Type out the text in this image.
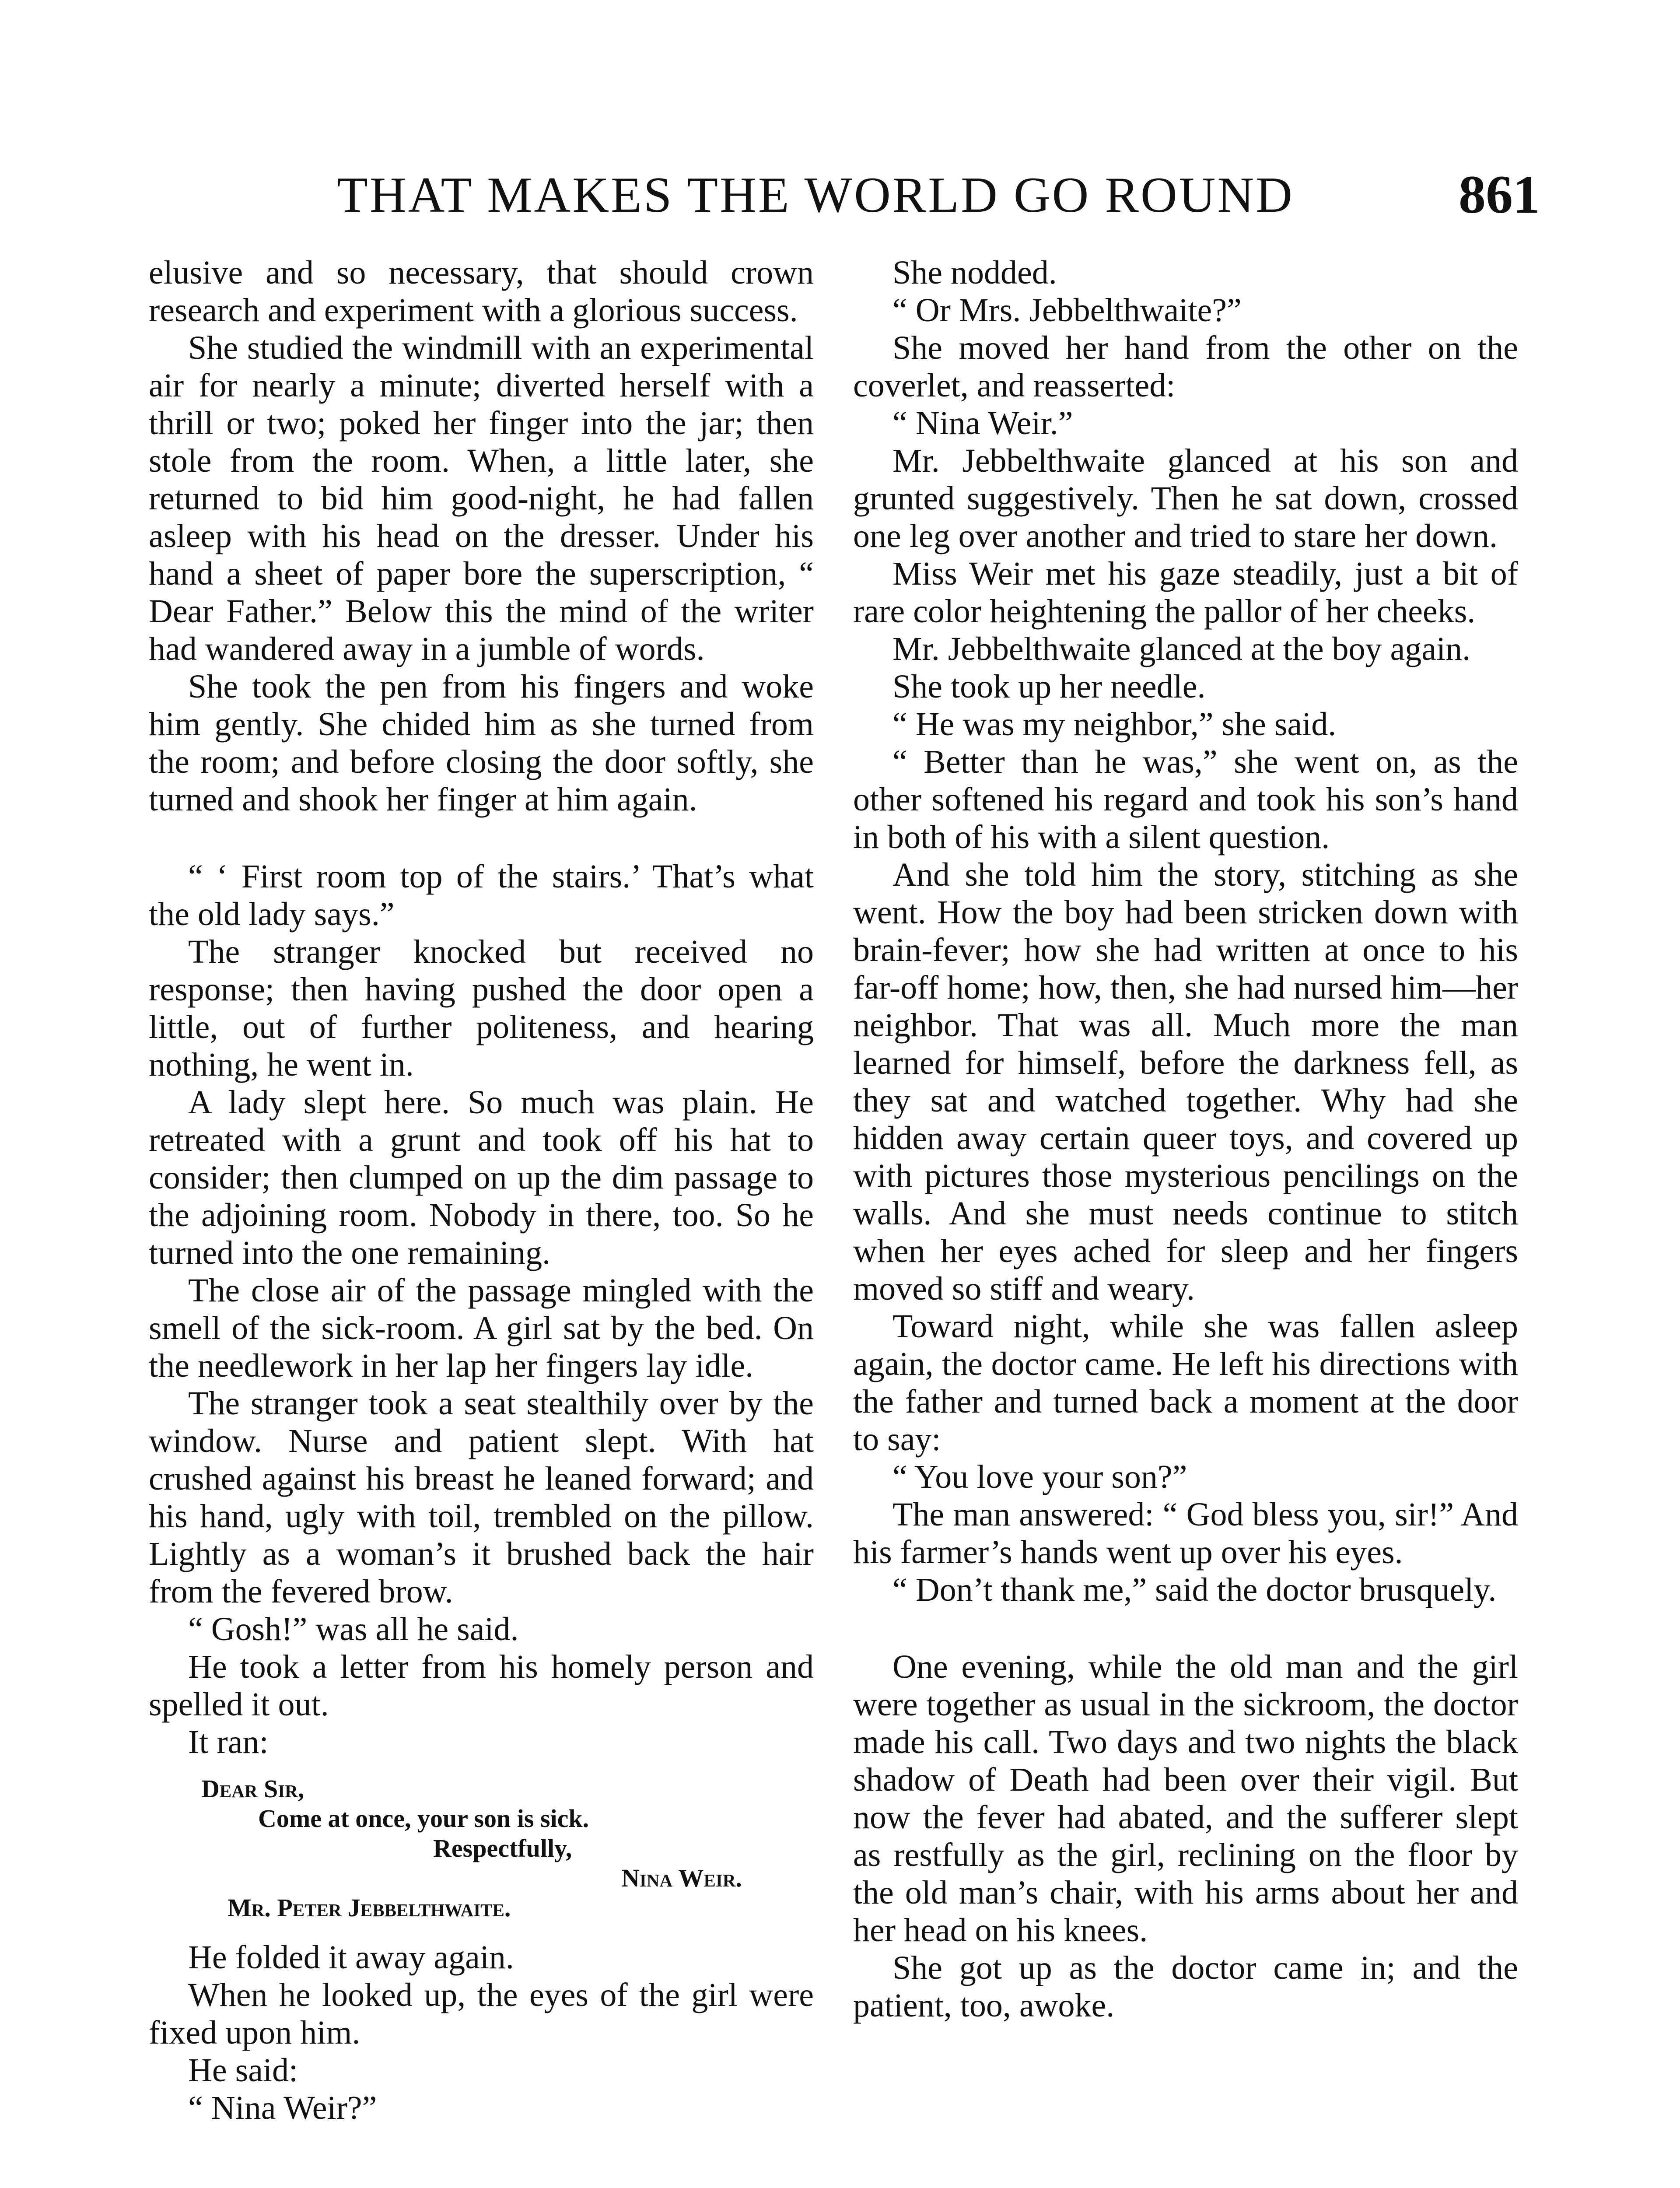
THAT MAKES THE WORLD GO ROUND	861

elusive and so necessary, that should crown research and experiment with a glorious success.

She studied the windmill with an experimental air for nearly a minute; diverted herself with a thrill or two; poked her finger into the jar; then stole from the room. When, a little later, she returned to bid him good-night, he had fallen asleep with his head on the dresser. Under his hand a sheet of paper bore the superscription, “ Dear Father.” Below this the mind of the writer had wandered away in a jumble of words.

She took the pen from his fingers and woke him gently. She chided him as she turned from the room; and before closing the door softly, she turned and shook her finger at him again.

“ ‘ First room top of the stairs.’ That’s what the old lady says.”

The stranger knocked but received no response; then having pushed the door open a little, out of further politeness, and hearing nothing, he went in.

A lady slept here. So much was plain. He retreated with a grunt and took off his hat to consider; then clumped on up the dim passage to the adjoining room. Nobody in there, too. So he turned into the one remaining.

The close air of the passage mingled with the smell of the sick-room. A girl sat by the bed. On the needlework in her lap her fingers lay idle.

The stranger took a seat stealthily over by the window. Nurse and patient slept. With hat crushed against his breast he leaned forward; and his hand, ugly with toil, trembled on the pillow. Lightly as a woman’s it brushed back the hair from the fevered brow.

“ Gosh!” was all he said.

He took a letter from his homely person and spelled it out.

It ran:

Dear Sir,
Come at once, your son is sick.
Respectfully,
Nina Weir.
Mr. Peter Jebbelthwaite.

He folded it away again.

When he looked up, the eyes of the girl were fixed upon him.

He said:

“ Nina Weir?”

She nodded.

“ Or Mrs. Jebbelthwaite?”

She moved her hand from the other on the coverlet, and reasserted:

“ Nina Weir.”

Mr. Jebbelthwaite glanced at his son and grunted suggestively. Then he sat down, crossed one leg over another and tried to stare her down.

Miss Weir met his gaze steadily, just a bit of rare color heightening the pallor of her cheeks.

Mr. Jebbelthwaite glanced at the boy again.

She took up her needle.

“ He was my neighbor,” she said.

“ Better than he was,” she went on, as the other softened his regard and took his son’s hand in both of his with a silent question.

And she told him the story, stitching as she went. How the boy had been stricken down with brain-fever; how she had written at once to his far-off home; how, then, she had nursed him—her neighbor. That was all. Much more the man learned for himself, before the darkness fell, as they sat and watched together. Why had she hidden away certain queer toys, and covered up with pictures those mysterious pencilings on the walls. And she must needs continue to stitch when her eyes ached for sleep and her fingers moved so stiff and weary.

Toward night, while she was fallen asleep again, the doctor came. He left his directions with the father and turned back a moment at the door to say:

“ You love your son?”

The man answered: “ God bless you, sir!” And his farmer’s hands went up over his eyes.

“ Don’t thank me,” said the doctor brusquely.

One evening, while the old man and the girl were together as usual in the sickroom, the doctor made his call. Two days and two nights the black shadow of Death had been over their vigil. But now the fever had abated, and the sufferer slept as restfully as the girl, reclining on the floor by the old man’s chair, with his arms about her and her head on his knees.

She got up as the doctor came in; and the patient, too, awoke.
